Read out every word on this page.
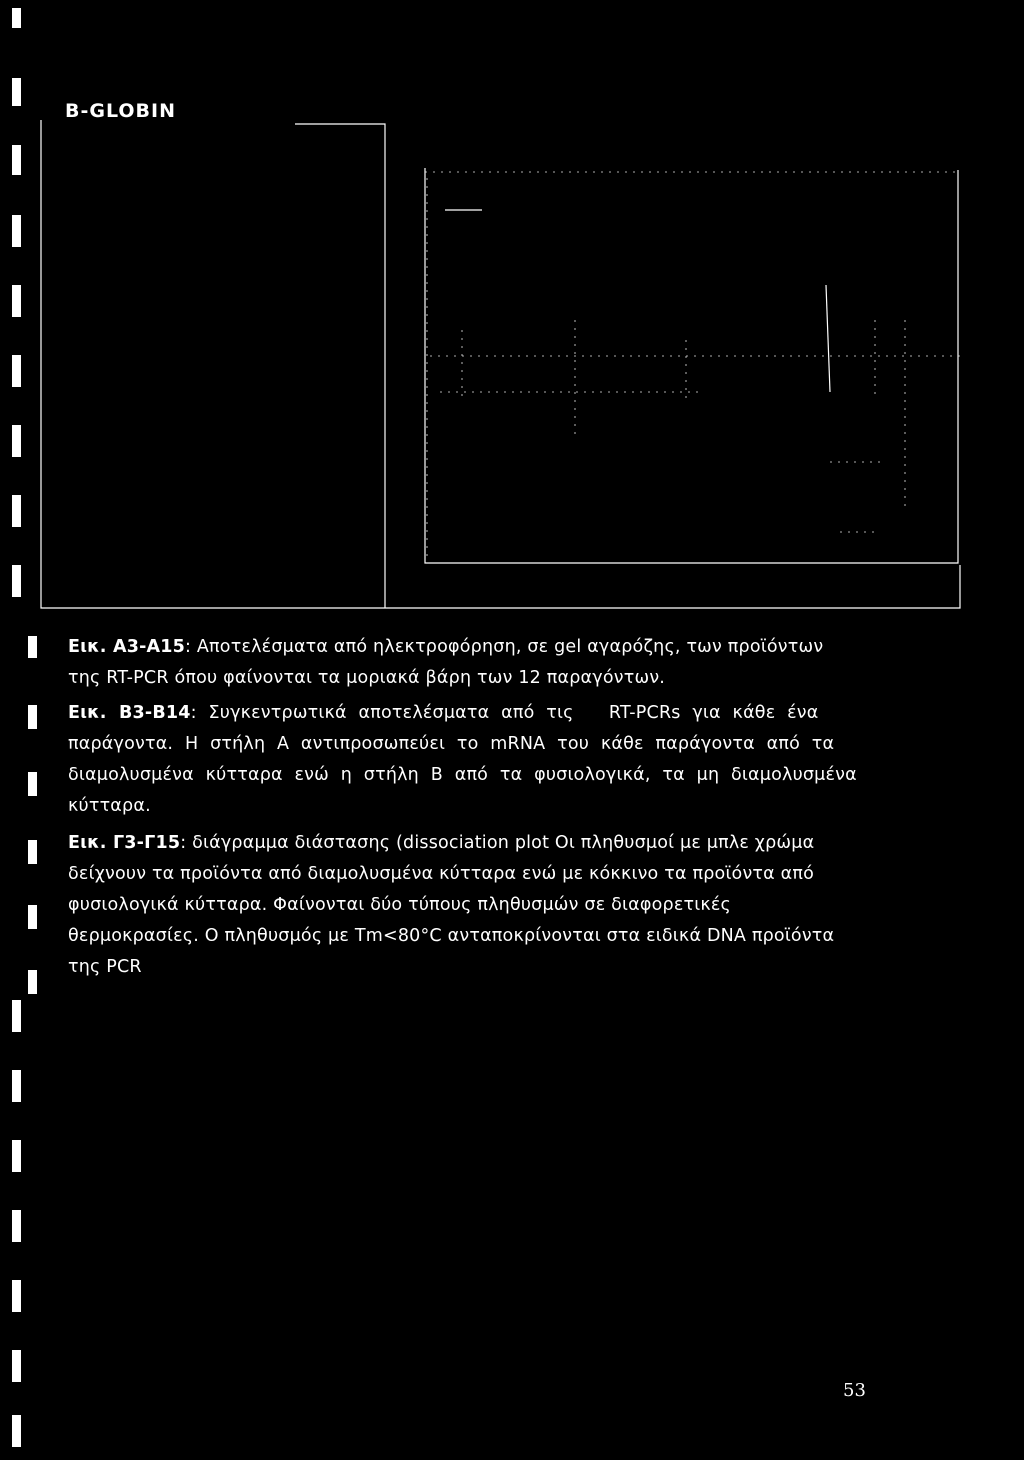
B-GLOBIN

Εικ. Α3-Α15: Αποτελέσματα από ηλεκτροφόρηση, σε gel αγαρόζης, των προϊόντων

της RT-PCR όπου φαίνονται τα μοριακά βάρη των 12 παραγόντων.

Εικ. Β3-Β14: Συγκεντρωτικά αποτελέσματα από τις   RT-PCRs για κάθε ένα

παράγοντα. Η στήλη Α αντιπροσωπεύει το mRNA του κάθε παράγοντα από τα

διαμολυσμένα κύτταρα ενώ η στήλη Β από τα φυσιολογικά, τα μη διαμολυσμένα

κύτταρα.

Εικ. Γ3-Γ15: διάγραμμα διάστασης (dissociation plot Οι πληθυσμοί με μπλε χρώμα

δείχνουν τα προϊόντα από διαμολυσμένα κύτταρα ενώ με κόκκινο τα προϊόντα από

φυσιολογικά κύτταρα. Φαίνονται δύο τύπους πληθυσμών σε διαφορετικές

θερμοκρασίες. Ο πληθυσμός με Tm<80°C ανταποκρίνονται στα ειδικά DNA προϊόντα

της PCR

53
